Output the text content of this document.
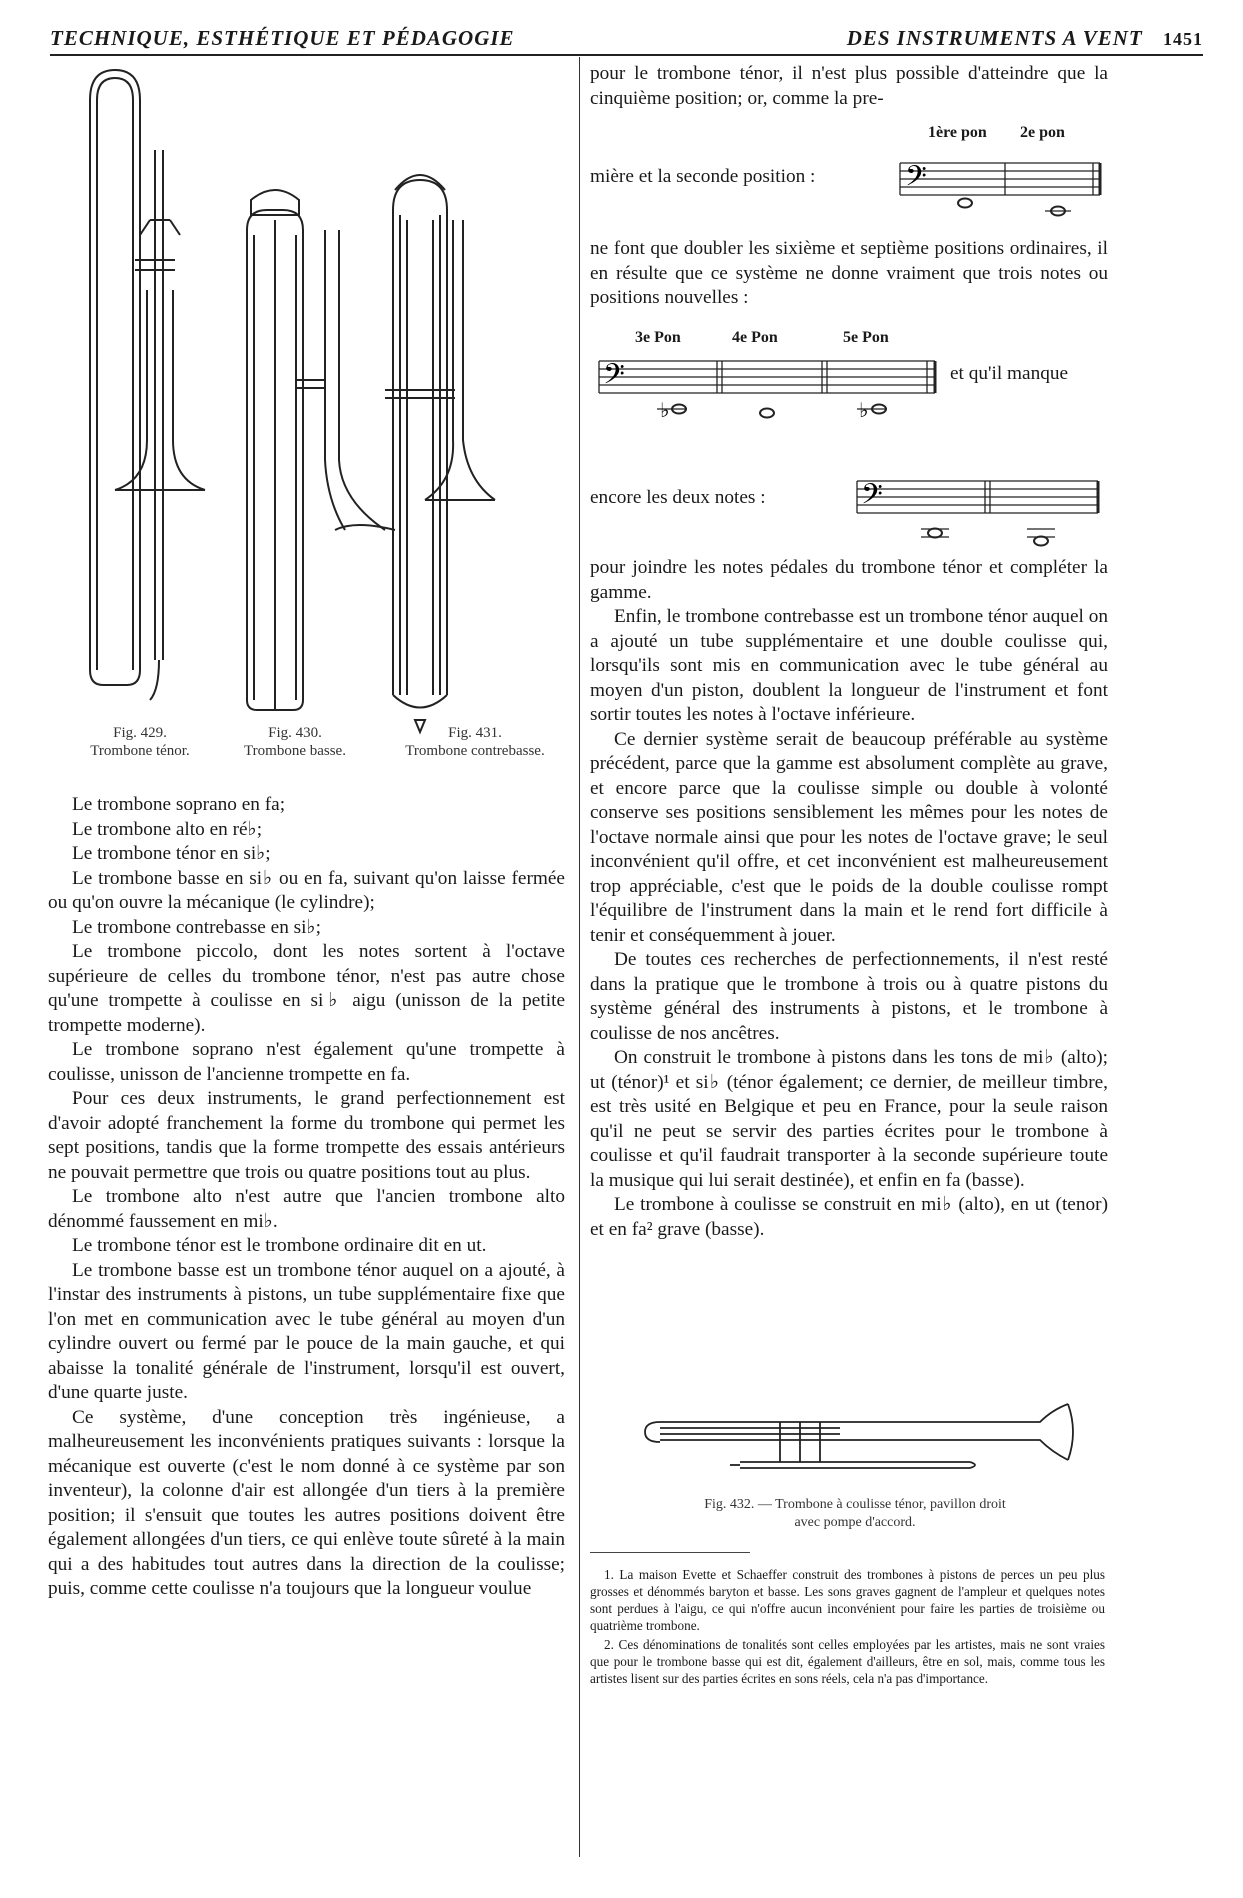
TECHNIQUE, ESTHÉTIQUE ET PÉDAGOGIE	DES INSTRUMENTS A VENT 1451
Fig. 429.
Trombone ténor.
Fig. 430.
Trombone basse.
Fig. 431.
Trombone contrebasse.

Le trombone soprano en fa;

Le trombone alto en ré♭;

Le trombone ténor en si♭;

Le trombone basse en si♭ ou en fa, suivant qu'on laisse fermée ou qu'on ouvre la mécanique (le cylindre);

Le trombone contrebasse en si♭;

Le trombone piccolo, dont les notes sortent à l'octave supérieure de celles du trombone ténor, n'est pas autre chose qu'une trompette à coulisse en si♭ aigu (unisson de la petite trompette moderne).

Le trombone soprano n'est également qu'une trompette à coulisse, unisson de l'ancienne trompette en fa.

Pour ces deux instruments, le grand perfectionnement est d'avoir adopté franchement la forme du trombone qui permet les sept positions, tandis que la forme trompette des essais antérieurs ne pouvait permettre que trois ou quatre positions tout au plus.

Le trombone alto n'est autre que l'ancien trombone alto dénommé faussement en mi♭.

Le trombone ténor est le trombone ordinaire dit en ut.

Le trombone basse est un trombone ténor auquel on a ajouté, à l'instar des instruments à pistons, un tube supplémentaire fixe que l'on met en communication avec le tube général au moyen d'un cylindre ouvert ou fermé par le pouce de la main gauche, et qui abaisse la tonalité générale de l'instrument, lorsqu'il est ouvert, d'une quarte juste.

Ce système, d'une conception très ingénieuse, a malheureusement les inconvénients pratiques suivants : lorsque la mécanique est ouverte (c'est le nom donné à ce système par son inventeur), la colonne d'air est allongée d'un tiers à la première position; il s'ensuit que toutes les autres positions doivent être également allongées d'un tiers, ce qui enlève toute sûreté à la main qui a des habitudes tout autres dans la direction de la coulisse; puis, comme cette coulisse n'a toujours que la longueur voulue

pour le trombone ténor, il n'est plus possible d'atteindre que la cinquième position; or, comme la pre-

1ère pon 2e pon

mière et la seconde position :	𝄢

ne font que doubler les sixième et septième positions ordinaires, il en résulte que ce système ne donne vraiment que trois notes ou positions nouvelles :

3e Pon	4e Pon	5e Pon
𝄢
♭	♭

et qu'il manque

encore les deux notes :	𝄢

pour joindre les notes pédales du trombone ténor et compléter la gamme.

Enfin, le trombone contrebasse est un trombone ténor auquel on a ajouté un tube supplémentaire et une double coulisse qui, lorsqu'ils sont mis en communication avec le tube général au moyen d'un piston, doublent la longueur de l'instrument et font sortir toutes les notes à l'octave inférieure.

Ce dernier système serait de beaucoup préférable au système précédent, parce que la gamme est absolument complète au grave, et encore parce que la coulisse simple ou double à volonté conserve ses positions sensiblement les mêmes pour les notes de l'octave normale ainsi que pour les notes de l'octave grave; le seul inconvénient qu'il offre, et cet inconvénient est malheureusement trop appréciable, c'est que le poids de la double coulisse rompt l'équilibre de l'instrument dans la main et le rend fort difficile à tenir et conséquemment à jouer.

De toutes ces recherches de perfectionnements, il n'est resté dans la pratique que le trombone à trois ou à quatre pistons du système général des instruments à pistons, et le trombone à coulisse de nos ancêtres.

On construit le trombone à pistons dans les tons de mi♭ (alto); ut (ténor)¹ et si♭ (ténor également; ce dernier, de meilleur timbre, est très usité en Belgique et peu en France, pour la seule raison qu'il ne peut se servir des parties écrites pour le trombone à coulisse et qu'il faudrait transporter à la seconde supérieure toute la musique qui lui serait destinée), et enfin en fa (basse).

Le trombone à coulisse se construit en mi♭ (alto), en ut (tenor) et en fa² grave (basse).

Fig. 432. — Trombone à coulisse ténor, pavillon droit
avec pompe d'accord.

1. La maison Evette et Schaeffer construit des trombones à pistons de perces un peu plus grosses et dénommés baryton et basse. Les sons graves gagnent de l'ampleur et quelques notes sont perdues à l'aigu, ce qui n'offre aucun inconvénient pour faire les parties de troisième ou quatrième trombone.

2. Ces dénominations de tonalités sont celles employées par les artistes, mais ne sont vraies que pour le trombone basse qui est dit, également d'ailleurs, être en sol, mais, comme tous les artistes lisent sur des parties écrites en sons réels, cela n'a pas d'importance.
